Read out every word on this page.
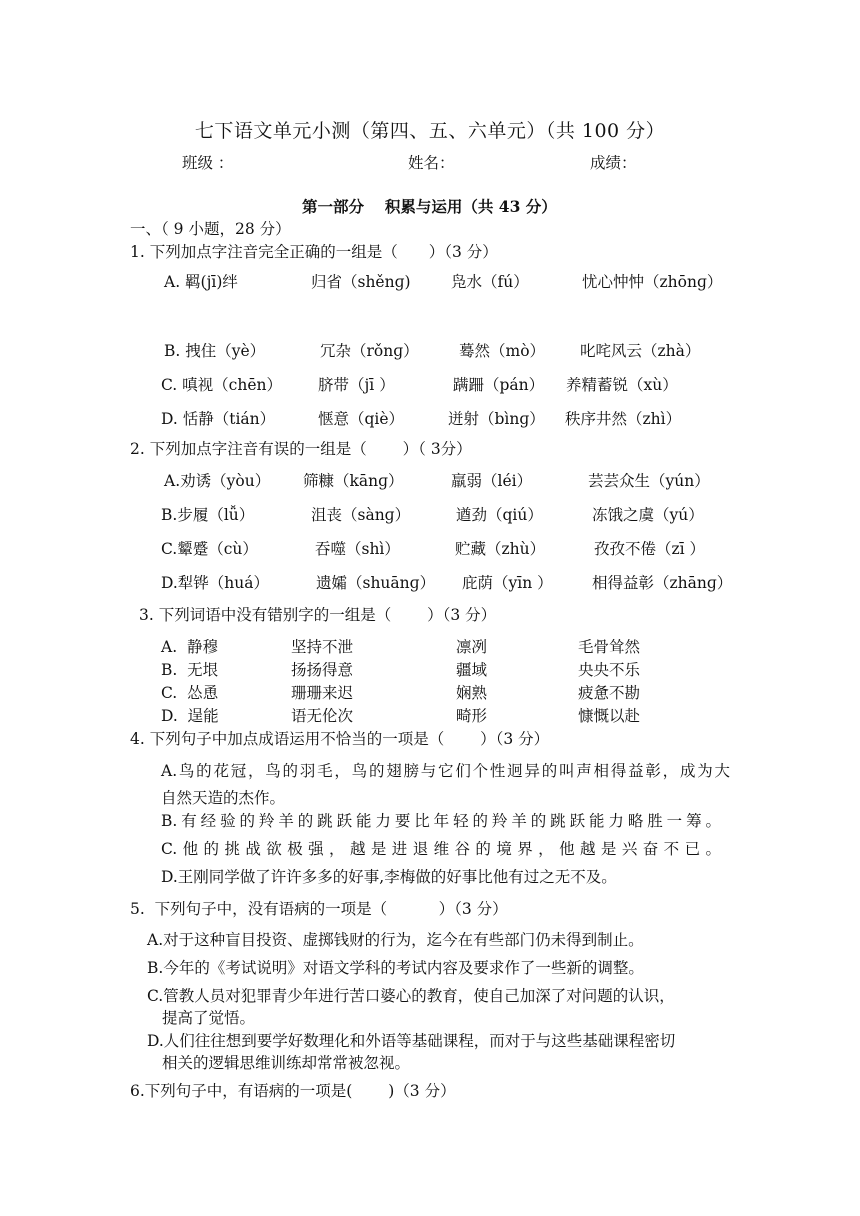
七下语文单元小测（第四、五、六单元）（共 100 分）
班级 ：	姓名：	成绩：
第一部分　 积累与运用（共 43 分）
一、（ 9 小题，28 分）
1. 下列加点字注音完全正确的一组是（　　）（3 分）
A. 羁(jī)绊	归省（shěnɡ)	凫水（fú）	忧心忡忡（zhōnɡ）
B. 拽住（yè）	冗杂（rǒnɡ）	蓦然（mò） 叱咤风云（zhà）
C. 嗔视（chēn） 脐带（jī ）	蹒跚（pán） 养精蓄锐（xù）
D. 恬静（tián）	惬意（qiè）	迸射（bìnɡ） 秩序井然（zhì）
2. 下列加点字注音有误的一组是（　　 ）（ 3分）
A.劝诱（yòu） 筛糠（kānɡ）	羸弱（léi）	芸芸众生（yún）
B.步履（lǚ）	沮丧（sànɡ）	遒劲（qiú）	冻饿之虞（yú）
C.颦蹙（cù）	吞噬（shì）	贮藏（zhù）	孜孜不倦（zī ）
D.犁铧（huá）	遗孀（shuānɡ） 庇荫（yīn ）	相得益彰（zhānɡ）
3. 下列词语中没有错别字的一组是（　　 ）（3 分）
A.  静穆	坚持不泄	凛冽	毛骨耸然
B.  无垠	扬扬得意	疆域	央央不乐
C.  怂恿	珊珊来迟	娴熟	疲惫不勘
D.  逞能	语无伦次	畸形	慷慨以赴
4. 下列句子中加点成语运用不恰当的一项是（　　 ）（3 分）
A.鸟的花冠，鸟的羽毛，鸟的翅膀与它们个性迥异的叫声相得益彰，成为大
自然天造的杰作。
B.有经验的羚羊的跳跃能力要比年轻的羚羊的跳跃能力略胜一筹。
C.他的挑战欲极强，越是进退维谷的境界，他越是兴奋不已。
D.王刚同学做了许许多多的好事,李梅做的好事比他有过之无不及。
5.  下列句子中，没有语病的一项是（　　　 ）（3 分）
A.对于这种盲目投资、虚掷钱财的行为，迄今在有些部门仍未得到制止。
B.今年的《考试说明》对语文学科的考试内容及要求作了一些新的调整。
C.管教人员对犯罪青少年进行苦口婆心的教育，使自己加深了对问题的认识，
提高了觉悟。
D.人们往往想到要学好数理化和外语等基础课程，而对于与这些基础课程密切
相关的逻辑思维训练却常常被忽视。
6.下列句子中，有语病的一项是(　　 )（3 分）
